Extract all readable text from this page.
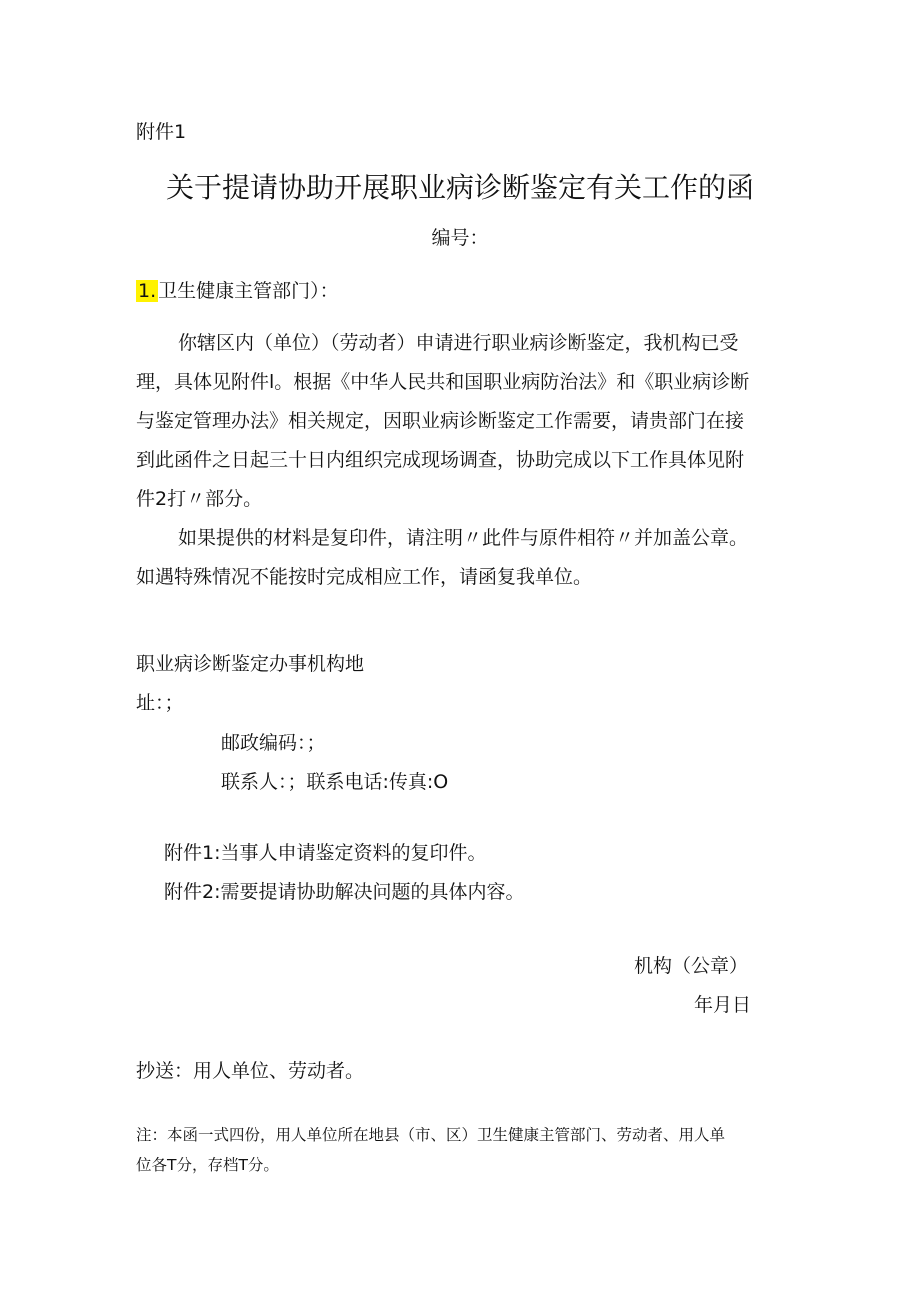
附件1
关于提请协助开展职业病诊断鉴定有关工作的函
编号：
1. 卫生健康主管部门）：
你辖区内（单位）（劳动者）申请进行职业病诊断鉴定，我机构已受
理，具体见附件l。根据《中华人民共和国职业病防治法》和《职业病诊断
与鉴定管理办法》相关规定，因职业病诊断鉴定工作需要，请贵部门在接
到此函件之日起三十日内组织完成现场调查，协助完成以下工作具体见附
件2打〃部分。
如果提供的材料是复印件，请注明〃此件与原件相符〃并加盖公章。
如遇特殊情况不能按时完成相应工作，请函复我单位。
职业病诊断鉴定办事机构地
址：；
邮政编码：；
联系人：；联系电话:传真:O
附件1:当事人申请鉴定资料的复印件。
附件2:需要提请协助解决问题的具体内容。
机构（公章）
年月日
抄送：用人单位、劳动者。
注：本函一式四份，用人单位所在地县（市、区）卫生健康主管部门、劳动者、用人单
位各T分，存档T分。
